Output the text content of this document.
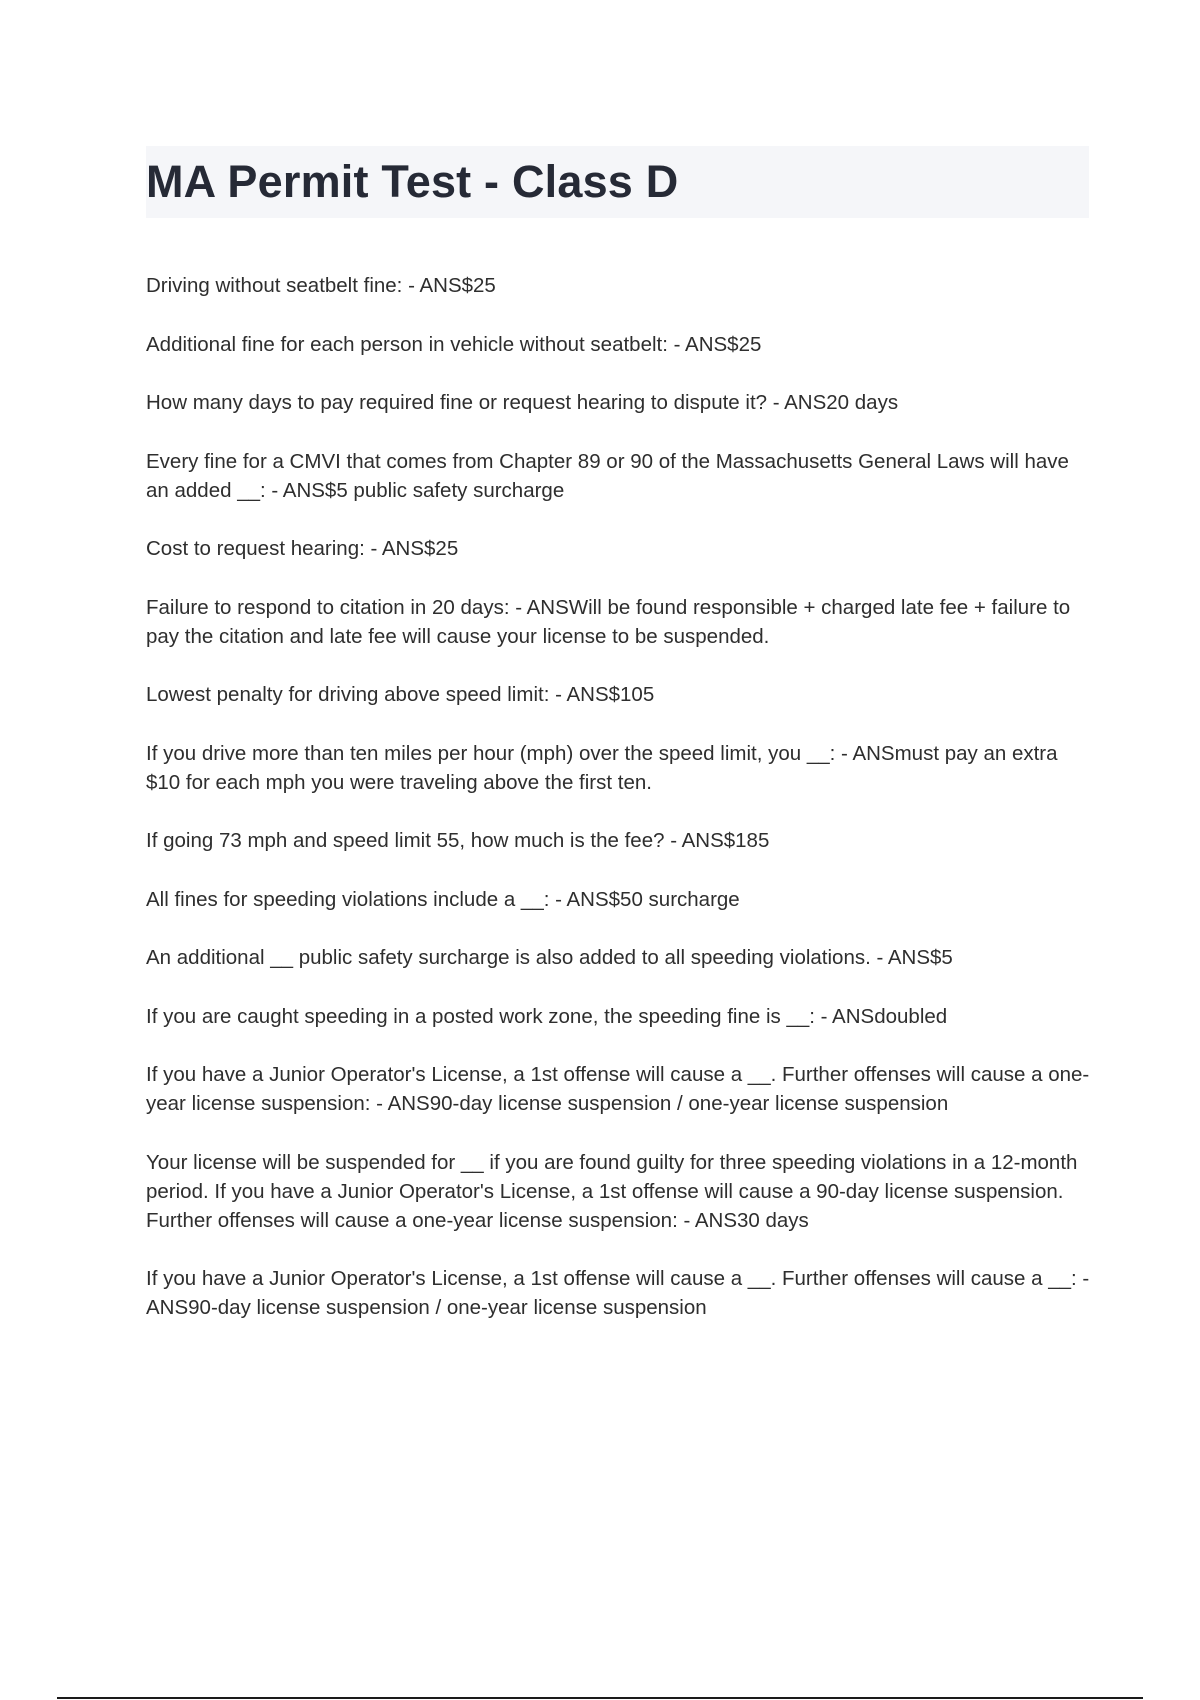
MA Permit Test - Class D

Driving without seatbelt fine: - ANS$25

Additional fine for each person in vehicle without seatbelt: - ANS$25

How many days to pay required fine or request hearing to dispute it? - ANS20 days

Every fine for a CMVI that comes from Chapter 89 or 90 of the Massachusetts General Laws will have an added __: - ANS$5 public safety surcharge

Cost to request hearing: - ANS$25

Failure to respond to citation in 20 days: - ANSWill be found responsible + charged late fee + failure to pay the citation and late fee will cause your license to be suspended.

Lowest penalty for driving above speed limit: - ANS$105

If you drive more than ten miles per hour (mph) over the speed limit, you __: - ANSmust pay an extra $10 for each mph you were traveling above the first ten.

If going 73 mph and speed limit 55, how much is the fee? - ANS$185

All fines for speeding violations include a __: - ANS$50 surcharge

An additional __ public safety surcharge is also added to all speeding violations. - ANS$5

If you are caught speeding in a posted work zone, the speeding fine is __: - ANSdoubled

If you have a Junior Operator's License, a 1st offense will cause a __. Further offenses will cause a one-year license suspension: - ANS90-day license suspension / one-year license suspension

Your license will be suspended for __ if you are found guilty for three speeding violations in a 12-month period. If you have a Junior Operator's License, a 1st offense will cause a 90-day license suspension. Further offenses will cause a one-year license suspension: - ANS30 days

If you have a Junior Operator's License, a 1st offense will cause a __. Further offenses will cause a __: - ANS90-day license suspension / one-year license suspension
